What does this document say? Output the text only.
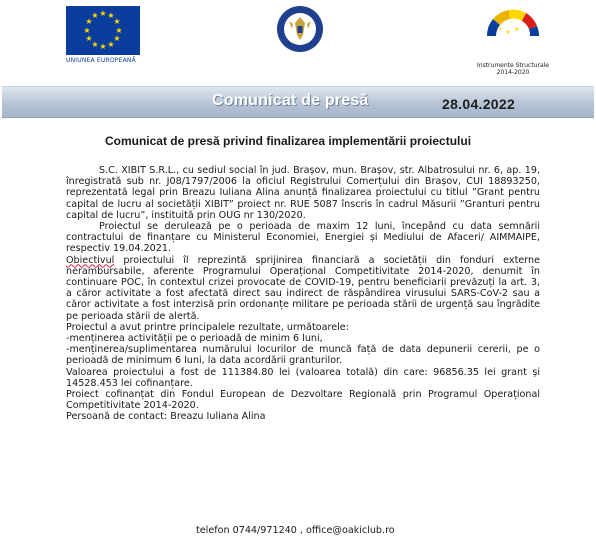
★ ★
★
★
★
★
★
★
★
★
★
★
UNIUNEA EUROPEANĂ
★ ★
★
Instrumente Structurale
2014-2020
Comunicat de presă	28.04.2022
Comunicat de presă privind finalizarea implementării proiectului

S.C. XIBIT S.R.L., cu sediul social în jud. Brașov, mun. Brașov, str. Albatrosului nr. 6, ap. 19, înregistrată sub nr. J08/1797/2006 la oficiul Registrului Comerțului din Brașov, CUI 18893250, reprezentată legal prin Breazu Iuliana Alina anunță finalizarea proiectului cu titlul ”Grant pentru capital de lucru al societății XIBIT” proiect nr. RUE 5087 înscris în cadrul Măsurii ”Granturi pentru capital de lucru”, instituită prin OUG nr 130/2020.

Proiectul se derulează pe o perioada de maxim 12 luni, începând cu data semnării contractului de finanțare cu Ministerul Economiei, Energiei și Mediului de Afaceri/ AIMMAIPE, respectiv 19.04.2021.

Obiectivul proiectului îl reprezintă sprijinirea financiară a societății din fonduri externe nerambursabile, aferente Programului Operațional Competitivitate 2014-2020, denumit în continuare POC, în contextul crizei provocate de COVID-19, pentru beneficiarii prevăzuți la art. 3, a căror activitate a fost afectată direct sau indirect de răspândirea virusului SARS-CoV-2 sau a căror activitate a fost interzisă prin ordonanțe militare pe perioada stării de urgență sau îngrădite pe perioada stării de alertă.

Proiectul a avut printre principalele rezultate, următoarele:

-menținerea activității pe o perioadă de minim 6 luni,

-menținerea/suplimentarea numărului locurilor de muncă față de data depunerii cererii, pe o perioadă de minimum 6 luni, la data acordării granturilor.

Valoarea proiectului a fost de 111384.80 lei (valoarea totală) din care: 96856.35 lei grant și 14528.453 lei cofinanțare.

Proiect cofinanțat din Fondul European de Dezvoltare Regională prin Programul Operațional Competitivitate 2014-2020.

Persoană de contact: Breazu Iuliana Alina

telefon 0744/971240 , office@oakiclub.ro
